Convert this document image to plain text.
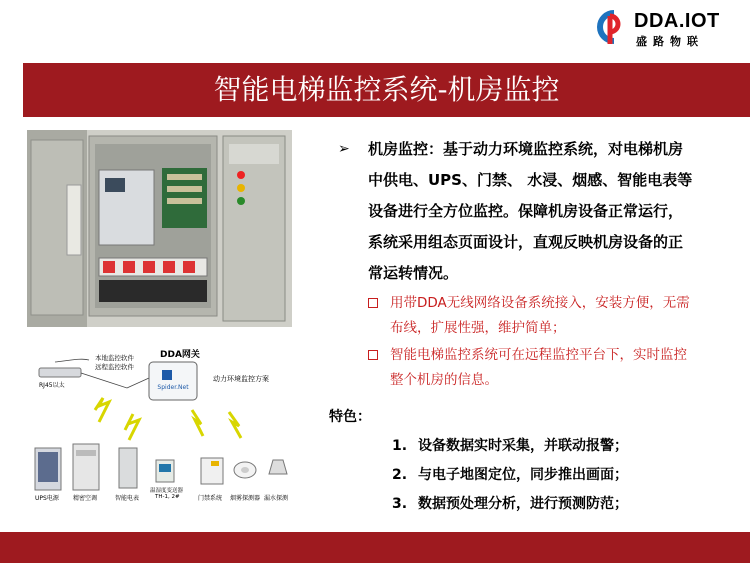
DDA.IOT
盛路物联
智能电梯监控系统-机房监控
DDA网关
Spider.Net
动力环境监控方案
本地监控软件
远程监控软件
RJ45以太
UPS电源 精密空调	智能电表
温湿度变送器
TH-1, 2#	门禁系统 烟雾探测器 漏水探测
➢ 机房监控：基于动力环境监控系统，对电梯机房
中供电、UPS、门禁、 水浸、烟感、智能电表等
设备进行全方位监控。保障机房设备正常运行，
系统采用组态页面设计，直观反映机房设备的正
常运转情况。
用带DDA无线网络设备系统接入，安装方便，无需
布线，扩展性强，维护简单；
智能电梯监控系统可在远程监控平台下，实时监控
整个机房的信息。
特色：
1. 设备数据实时采集，并联动报警；
2. 与电子地图定位，同步推出画面；
3. 数据预处理分析，进行预测防范；
